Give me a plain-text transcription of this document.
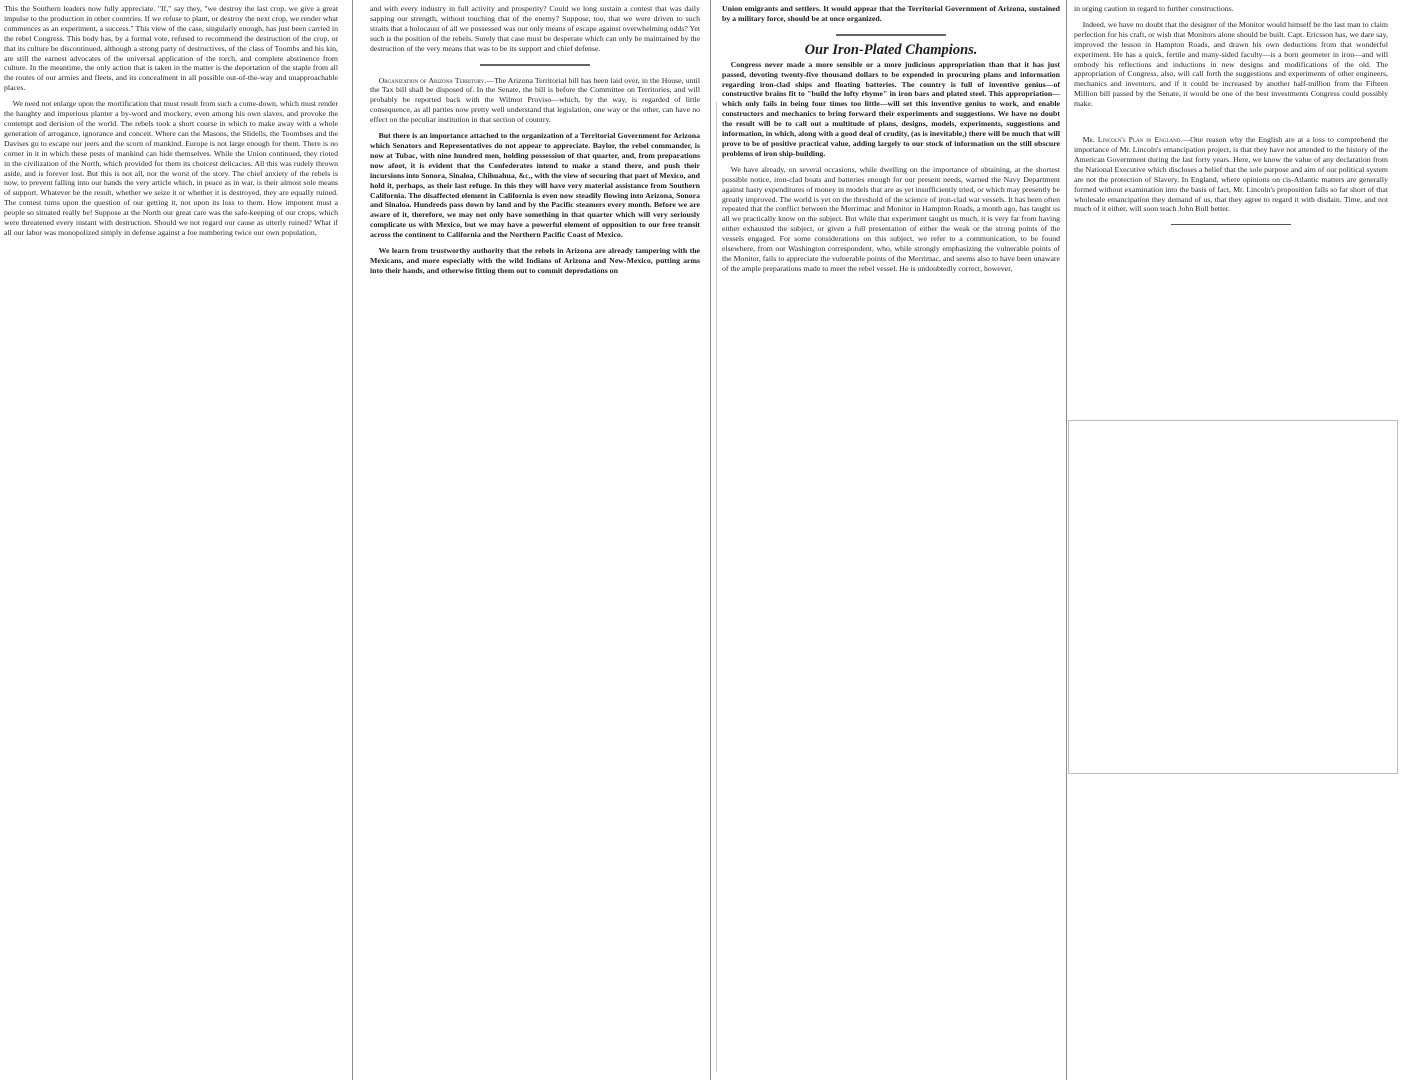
This the Southern leaders now fully appreciate. "If," say they, "we destroy the last crop, we give a great impulse to the production in other countries. If we refuse to plant, or destroy the next crop, we render what commences as an experiment, a success." This view of the case, singularly enough, has just been carried in the rebel Congress. This body has, by a formal vote, refused to recommend the destruction of the crop, or that its culture be discontinued, although a strong party of destructives, of the class of Toombs and his kin, are still the earnest advocates of the universal application of the torch, and complete abstinence from culture. In the meantime, the only action that is taken in the matter is the deportation of the staple from all the routes of our armies and fleets, and its concealment in all possible out-of-the-way and unapproachable places.

We need not enlarge upon the mortification that must result from such a come-down, which must render the haughty and imperious planter a by-word and mockery, even among his own slaves, and provoke the contempt and derision of the world. The rebels took a short course in which to make away with a whole generation of arrogance, ignorance and conceit. Where can the Masons, the Slidells, the Toombses and the Davises go to escape our jeers and the scorn of mankind. Europe is not large enough for them. There is no corner in it in which these pests of mankind can hide themselves. While the Union continued, they rioted in the civilization of the North, which provided for them its choicest delicacies. All this was rudely thrown aside, and is forever lost. But this is not all, nor the worst of the story. The chief anxiety of the rebels is now, to prevent falling into our hands the very article which, in peace as in war, is their almost sole means of support. Whatever be the result, whether we seize it or whether it is destroyed, they are equally ruined. The contest turns upon the question of our getting it, not upon its loss to them. How impotent must a people so situated really be! Suppose at the North our great care was the safe-keeping of our crops, which were threatened every instant with destruction. Should we not regard our cause as utterly ruined? What if all our labor was monopolized simply in defense against a foe numbering twice our own population,

and with every industry in full activity and prosperity? Could we long sustain a contest that was daily sapping our strength, without touching that of the enemy? Suppose, too, that we were driven to such straits that a holocaust of all we possessed was our only means of escape against overwhelming odds? Yet such is the position of the rebels. Surely that case must be desperate which can only be maintained by the destruction of the very means that was to be its support and chief defense.

Organization of Arizona Territory.—The Arizona Territorial bill has been laid over, in the House, until the Tax bill shall be disposed of. In the Senate, the bill is before the Committee on Territories, and will probably be reported back with the Wilmot Proviso—which, by the way, is regarded of little consequence, as all parties now pretty well understand that legislation, one way or the other, can have no effect on the peculiar institution in that section of country.

But there is an importance attached to the organization of a Territorial Government for Arizona which Senators and Representatives do not appear to appreciate. Baylor, the rebel commander, is now at Tubac, with nine hundred men, holding possession of that quarter, and, from preparations now afoot, it is evident that the Confederates intend to make a stand there, and push their incursions into Sonora, Sinaloa, Chihuahua, &c., with the view of securing that part of Mexico, and hold it, perhaps, as their last refuge. In this they will have very material assistance from Southern California. The disaffected element in California is even now steadily flowing into Arizona, Sonora and Sinaloa. Hundreds pass down by land and by the Pacific steamers every month. Before we are aware of it, therefore, we may not only have something in that quarter which will very seriously complicate us with Mexico, but we may have a powerful element of opposition to our free transit across the continent to California and the Northern Pacific Coast of Mexico.

We learn from trustworthy authority that the rebels in Arizona are already tampering with the Mexicans, and more especially with the wild Indians of Arizona and New-Mexico, putting arms into their hands, and otherwise fitting them out to commit depredations on

Union emigrants and settlers. It would appear that the Territorial Government of Arizona, sustained by a military force, should be at once organized.

Our Iron-Plated Champions.

Congress never made a more sensible or a more judicious appropriation than that it has just passed, devoting twenty-five thousand dollars to be expended in procuring plans and information regarding iron-clad ships and floating batteries. The country is full of inventive genius—of constructive brains fit to "build the lofty rhyme" in iron bars and plated steel. This appropriation—which only fails in being four times too little—will set this inventive genius to work, and enable constructors and mechanics to bring forward their experiments and suggestions. We have no doubt the result will be to call out a multitude of plans, designs, models, experiments, suggestions and information, in which, along with a good deal of crudity, (as is inevitable,) there will be much that will prove to be of positive practical value, adding largely to our stock of information on the still obscure problems of iron ship-building.

We have already, on several occasions, while dwelling on the importance of obtaining, at the shortest possible notice, iron-clad boats and batteries enough for our present needs, warned the Navy Department against hasty expenditures of money in models that are as yet insufficiently tried, or which may presently be greatly improved. The world is yet on the threshold of the science of iron-clad war vessels. It has been often repeated that the conflict between the Merrimac and Monitor in Hampton Roads, a month ago, has taught us all we practically know on the subject. But while that experiment taught us much, it is very far from having either exhausted the subject, or given a full presentation of either the weak or the strong points of the vessels engaged. For some considerations on this subject, we refer to a communication, to be found elsewhere, from our Washington correspondent, who, while strongly emphasizing the vulnerable points of the Monitor, fails to appreciate the vulnerable points of the Merrimac, and seems also to have been unaware of the ample preparations made to meet the rebel vessel. He is undoubtedly correct, however,

in urging caution in regard to further constructions.

Indeed, we have no doubt that the designer of the Monitor would himself be the last man to claim perfection for his craft, or wish that Monitors alone should be built. Capt. Ericsson has, we dare say, improved the lesson in Hampton Roads, and drawn his own deductions from that wonderful experiment. He has a quick, fertile and many-sided faculty—is a born geometer in iron—and will embody his reflections and inductions in new designs and modifications of the old. The appropriation of Congress, also, will call forth the suggestions and experiments of other engineers, mechanics and inventors, and if it could be increased by another half-million from the Fifteen Million bill passed by the Senate, it would be one of the best investments Congress could possibly make.

Mr. Lincoln's Plan in England.—One reason why the English are at a loss to comprehend the importance of Mr. Lincoln's emancipation project, is that they have not attended to the history of the American Government during the last forty years. Here, we know the value of any declaration from the National Executive which discloses a belief that the sole purpose and aim of our political system are not the protection of Slavery. In England, where opinions on cis-Atlantic matters are generally formed without examination into the basis of fact, Mr. Lincoln's proposition falls so far short of that wholesale emancipation they demand of us, that they agree to regard it with disdain. Time, and not much of it either, will soon teach John Bull better.
